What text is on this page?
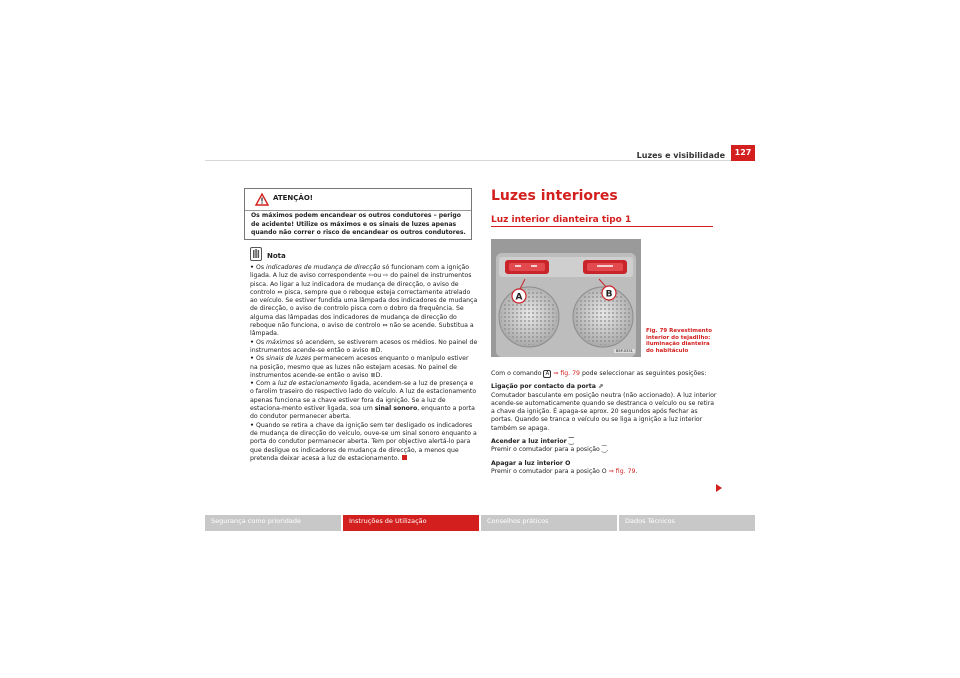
Luzes e visibilidade	127
ATENÇÃO!
Os máximos podem encandear os outros condutores – perigo de acidente! Utilize os máximos e os sinais de luzes apenas quando não correr o risco de encandear os outros condutores.
Nota

• Os indicadores de mudança de direcção só funcionam com a ignição ligada. A luz de aviso correspondente ⇦ou ⇨ do painel de instrumentos pisca. Ao ligar a luz indicadora de mudança de direcção, o aviso de controlo ⇔ pisca, sempre que o reboque esteja correctamente atrelado ao veículo. Se estiver fundida uma lâmpada dos indicadores de mudança de direcção, o aviso de controlo pisca com o dobro da frequência. Se alguma das lâmpadas dos indicadores de mudança de direcção do reboque não funciona, o aviso de controlo ⇔ não se acende. Substitua a lâmpada.

• Os máximos só acendem, se estiverem acesos os médios. No painel de instrumentos acende-se então o aviso ≣D.

• Os sinais de luzes permanecem acesos enquanto o manípulo estiver na posição, mesmo que as luzes não estejam acesas. No painel de instrumentos acende-se então o aviso ≣D.

• Com a luz de estacionamento ligada, acendem-se a luz de presença e o farolim traseiro do respectivo lado do veículo. A luz de estacionamento apenas funciona se a chave estiver fora da ignição. Se a luz de estaciona-mento estiver ligada, soa um sinal sonoro, enquanto a porta do condutor permanecer aberta.

• Quando se retira a chave da ignição sem ter desligado os indicadores de mudança de direcção do veículo, ouve-se um sinal sonoro enquanto a porta do condutor permanecer aberta. Tem por objectivo alertá-lo para que desligue os indicadores de mudança de direcção, a menos que pretenda deixar acesa a luz de estacionamento.

Luzes interiores
Luz interior dianteira tipo 1
A	B
B5P-0331
Fig. 79 Revestimento interior do tejadilho: iluminação dianteira do habitáculo

Com o comando A ⇒ fig. 79 pode seleccionar as seguintes posições:

Ligação por contacto da porta ⇗
Comutador basculante em posição neutra (não accionado). A luz interior acende-se automaticamente quando se destranca o veículo ou se retira a chave da ignição. É apaga-se aprox. 20 segundos após fechar as portas. Quando se tranca o veículo ou se liga a ignição a luz interior também se apaga.

Acender a luz interior ⁐
Premir o comutador para a posição ⁐.

Apagar a luz interior O
Premir o comutador para a posição O ⇒ fig. 79.

Segurança como prioridade	Instruções de Utilização	Conselhos práticos	Dados Técnicos
